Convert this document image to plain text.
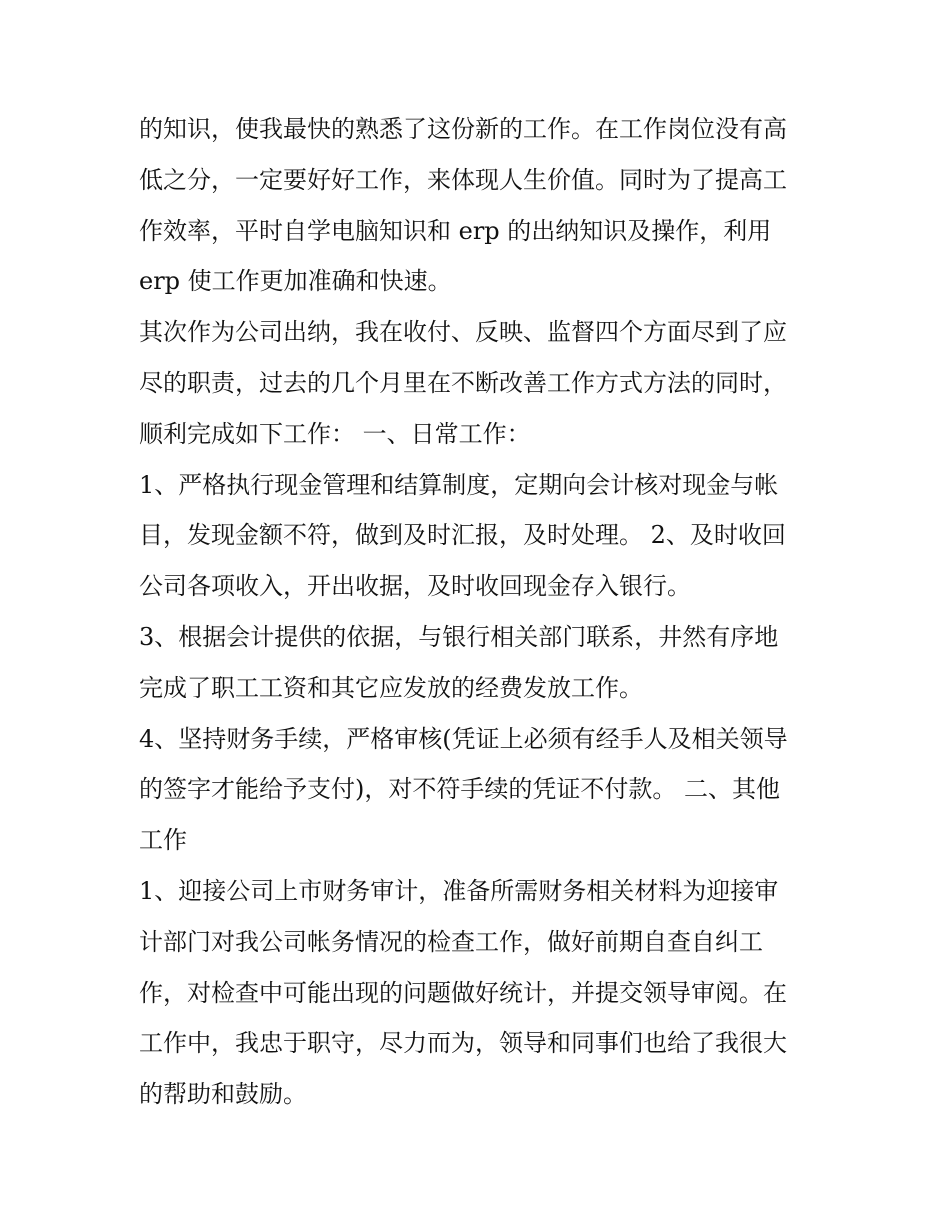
的知识，使我最快的熟悉了这份新的工作。在工作岗位没有高
低之分，一定要好好工作，来体现人生价值。同时为了提高工
作效率，平时自学电脑知识和 erp 的出纳知识及操作，利用
erp 使工作更加准确和快速。
其次作为公司出纳，我在收付、反映、监督四个方面尽到了应
尽的职责，过去的几个月里在不断改善工作方式方法的同时，
顺利完成如下工作： 一、日常工作：
1、严格执行现金管理和结算制度，定期向会计核对现金与帐
目，发现金额不符，做到及时汇报，及时处理。 2、及时收回
公司各项收入，开出收据，及时收回现金存入银行。
3、根据会计提供的依据，与银行相关部门联系，井然有序地
完成了职工工资和其它应发放的经费发放工作。
4、坚持财务手续，严格审核(凭证上必须有经手人及相关领导
的签字才能给予支付)，对不符手续的凭证不付款。 二、其他
工作
1、迎接公司上市财务审计，准备所需财务相关材料为迎接审
计部门对我公司帐务情况的检查工作，做好前期自查自纠工
作，对检查中可能出现的问题做好统计，并提交领导审阅。在
工作中，我忠于职守，尽力而为，领导和同事们也给了我很大
的帮助和鼓励。
